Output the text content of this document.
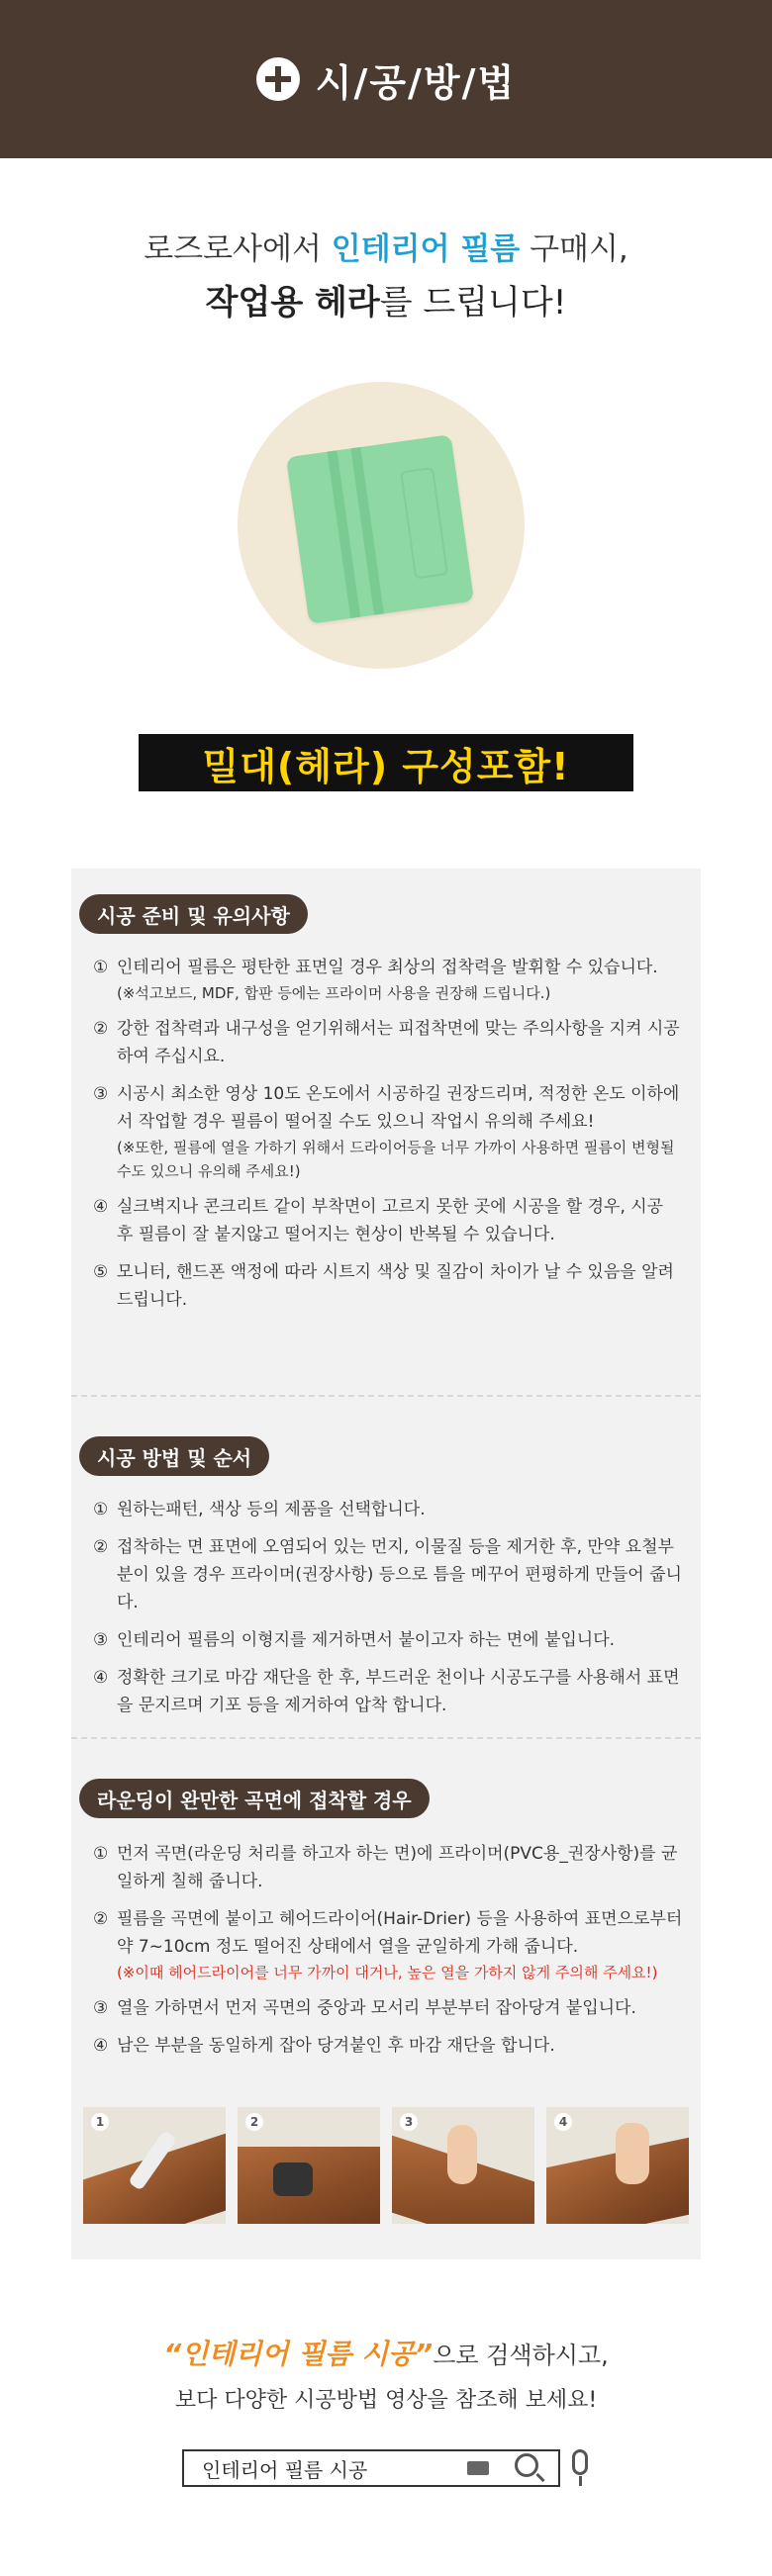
시/공/방/법
로즈로사에서 인테리어 필름 구매시,
작업용 헤라를 드립니다!
밀대(헤라) 구성포함!
시공 준비 및 유의사항
① 인테리어 필름은 평탄한 표면일 경우 최상의 접착력을 발휘할 수 있습니다.
(※석고보드, MDF, 합판 등에는 프라이머 사용을 권장해 드립니다.)
② 강한 접착력과 내구성을 얻기위해서는 피접착면에 맞는 주의사항을 지켜 시공하여 주십시요.
③ 시공시 최소한 영상 10도 온도에서 시공하길 권장드리며, 적정한 온도 이하에서 작업할 경우 필름이 떨어질 수도 있으니 작업시 유의해 주세요!
(※또한, 필름에 열을 가하기 위해서 드라이어등을 너무 가까이 사용하면 필름이 변형될 수도 있으니 유의해 주세요!)
④ 실크벽지나 콘크리트 같이 부착면이 고르지 못한 곳에 시공을 할 경우, 시공 후 필름이 잘 붙지않고 떨어지는 현상이 반복될 수 있습니다.
⑤ 모니터, 핸드폰 액정에 따라 시트지 색상 및 질감이 차이가 날 수 있음을 알려드립니다.
시공 방법 및 순서
① 원하는패턴, 색상 등의 제품을 선택합니다.
② 접착하는 면 표면에 오염되어 있는 먼지, 이물질 등을 제거한 후, 만약 요철부분이 있을 경우 프라이머(권장사항) 등으로 틈을 메꾸어 편평하게 만들어 줍니다.
③ 인테리어 필름의 이형지를 제거하면서 붙이고자 하는 면에 붙입니다.
④ 정확한 크기로 마감 재단을 한 후, 부드러운 천이나 시공도구를 사용해서 표면을 문지르며 기포 등을 제거하여 압착 합니다.
라운딩이 완만한 곡면에 접착할 경우
① 먼저 곡면(라운딩 처리를 하고자 하는 면)에 프라이머(PVC용_권장사항)를 균일하게 칠해 줍니다.
② 필름을 곡면에 붙이고 헤어드라이어(Hair-Drier) 등을 사용하여 표면으로부터 약 7~10cm 정도 떨어진 상태에서 열을 균일하게 가해 줍니다.
(※이때 헤어드라이어를 너무 가까이 대거나, 높은 열을 가하지 않게 주의해 주세요!)
③ 열을 가하면서 먼저 곡면의 중앙과 모서리 부분부터 잡아당겨 붙입니다.
④ 남은 부분을 동일하게 잡아 당겨붙인 후 마감 재단을 합니다.
1	2	3	4
“인테리어 필름 시공”으로 검색하시고,
보다 다양한 시공방법 영상을 참조해 보세요!
인테리어 필름 시공
